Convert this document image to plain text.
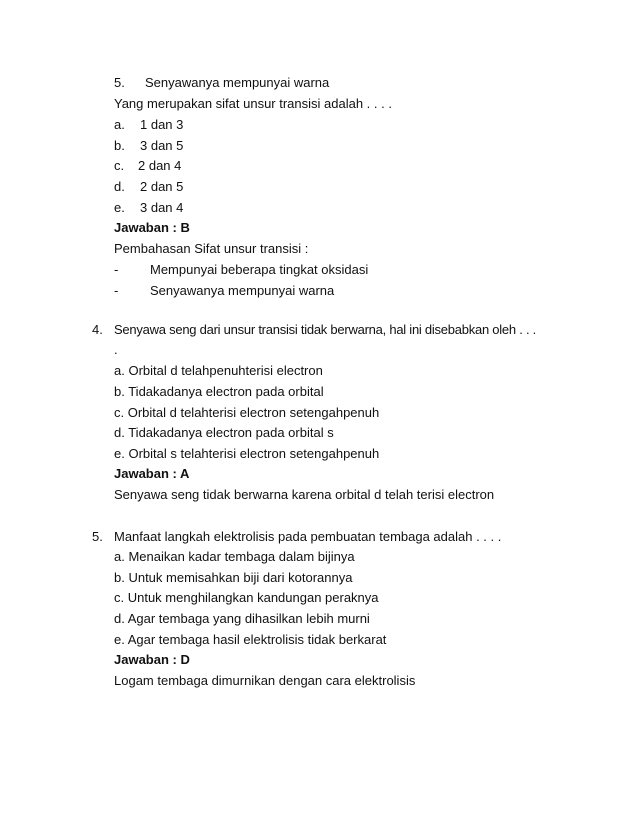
5. Senyawanya mempunyai warna
Yang merupakan sifat unsur transisi adalah . . . .
a. 1 dan 3
b. 3 dan 5
c. 2 dan 4
d. 2 dan 5
e. 3 dan 4
Jawaban : B
Pembahasan Sifat unsur transisi :
- Mempunyai beberapa tingkat oksidasi
- Senyawanya mempunyai warna
4. Senyawa seng dari unsur transisi tidak berwarna, hal ini disebabkan oleh . . .
.
a. Orbital d telahpenuhterisi electron
b. Tidakadanya electron pada orbital
c. Orbital d telahterisi electron setengahpenuh
d. Tidakadanya electron pada orbital s
e. Orbital s telahterisi electron setengahpenuh
Jawaban : A
Senyawa seng tidak berwarna karena orbital d telah terisi electron
5. Manfaat langkah elektrolisis pada pembuatan tembaga adalah . . . .
a. Menaikan kadar tembaga dalam bijinya
b. Untuk memisahkan biji dari kotorannya
c. Untuk menghilangkan kandungan peraknya
d. Agar tembaga yang dihasilkan lebih murni
e. Agar tembaga hasil elektrolisis tidak berkarat
Jawaban : D
Logam tembaga dimurnikan dengan cara elektrolisis
